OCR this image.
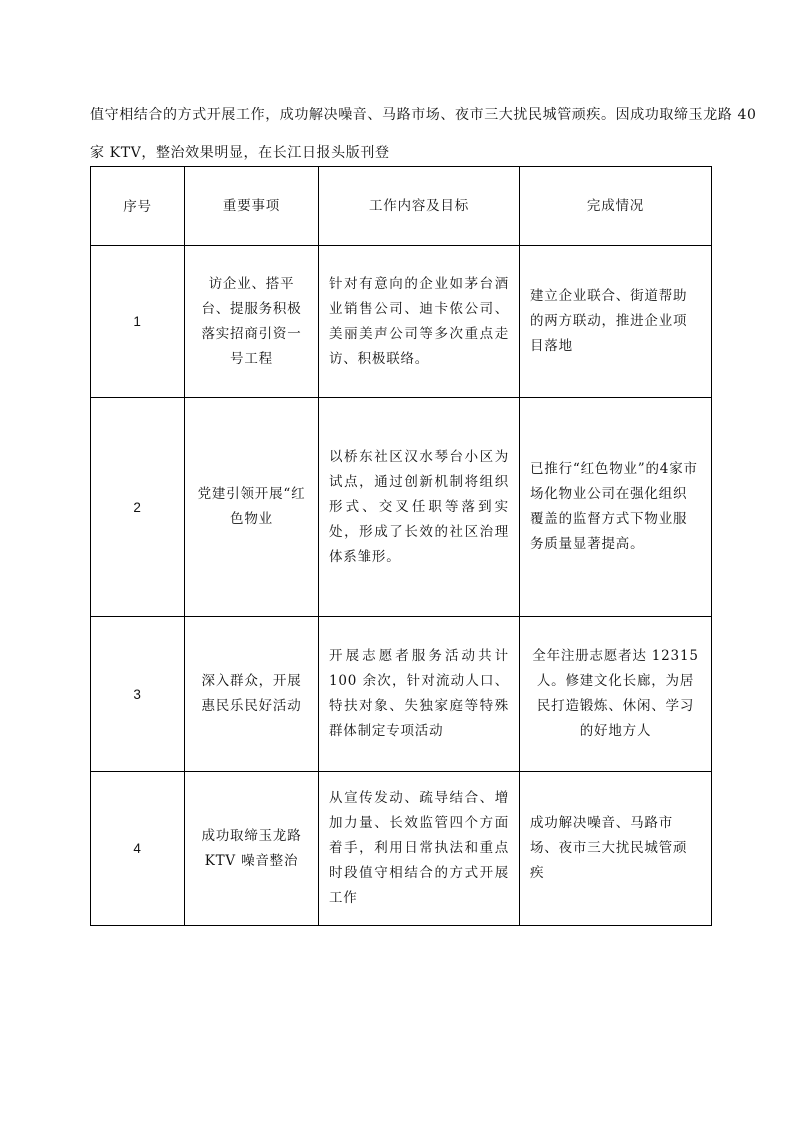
值守相结合的方式开展工作，成功解决噪音、马路市场、夜市三大扰民城管顽疾。因成功取缔玉龙路 40
家 KTV，整治效果明显，在长江日报头版刊登
序号	重要事项	工作内容及目标	完成情况
1	访企业、搭平台、提服务积极落实招商引资一号工程	针对有意向的企业如茅台酒业销售公司、迪卡侬公司、美丽美声公司等多次重点走访、积极联络。	建立企业联合、街道帮助的两方联动，推进企业项目落地
2	党建引领开展“红色物业	以桥东社区汉水琴台小区为试点，通过创新机制将组织形式、交叉任职等落到实处，形成了长效的社区治理体系雏形。	已推行“红色物业”的4家市场化物业公司在强化组织覆盖的监督方式下物业服务质量显著提高。
3	深入群众，开展惠民乐民好活动	开展志愿者服务活动共计 100 余次，针对流动人口、特扶对象、失独家庭等特殊群体制定专项活动	全年注册志愿者达 12315 人。修建文化长廊，为居民打造锻炼、休闲、学习的好地方人
4	成功取缔玉龙路 KTV 噪音整治	从宣传发动、疏导结合、增加力量、长效监管四个方面着手，利用日常执法和重点时段值守相结合的方式开展工作	成功解决噪音、马路市场、夜市三大扰民城管顽疾
